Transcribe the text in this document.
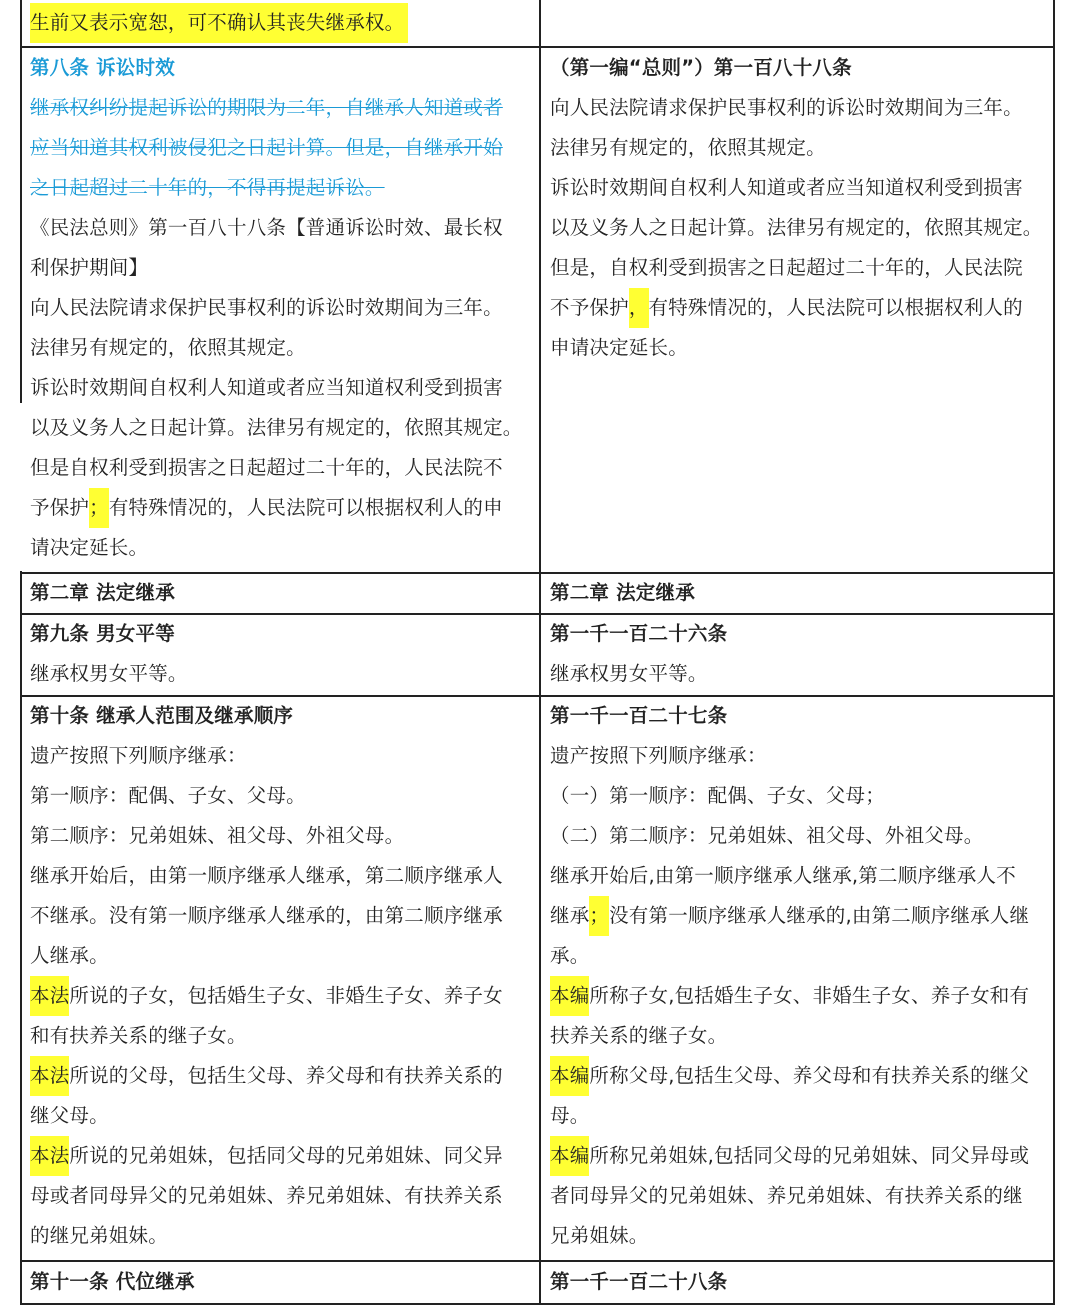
生前又表示宽恕，可不确认其丧失继承权。
第八条 诉讼时效
继承权纠纷提起诉讼的期限为二年，自继承人知道或者
应当知道其权利被侵犯之日起计算。但是，自继承开始
之日起超过二十年的，不得再提起诉讼。
《民法总则》第一百八十八条【普通诉讼时效、最长权
利保护期间】
向人民法院请求保护民事权利的诉讼时效期间为三年。
法律另有规定的，依照其规定。
诉讼时效期间自权利人知道或者应当知道权利受到损害
以及义务人之日起计算。法律另有规定的，依照其规定。
但是自权利受到损害之日起超过二十年的，人民法院不
予保护；有特殊情况的，人民法院可以根据权利人的申
请决定延长。
（第一编“总则”）第一百八十八条
向人民法院请求保护民事权利的诉讼时效期间为三年。
法律另有规定的，依照其规定。
诉讼时效期间自权利人知道或者应当知道权利受到损害
以及义务人之日起计算。法律另有规定的，依照其规定。
但是，自权利受到损害之日起超过二十年的，人民法院
不予保护，有特殊情况的，人民法院可以根据权利人的
申请决定延长。
第二章 法定继承	第二章 法定继承
第九条 男女平等
继承权男女平等。
第一千一百二十六条
继承权男女平等。
第十条 继承人范围及继承顺序
遗产按照下列顺序继承：
第一顺序：配偶、子女、父母。
第二顺序：兄弟姐妹、祖父母、外祖父母。
继承开始后，由第一顺序继承人继承，第二顺序继承人
不继承。没有第一顺序继承人继承的，由第二顺序继承
人继承。
本法所说的子女，包括婚生子女、非婚生子女、养子女
和有扶养关系的继子女。
本法所说的父母，包括生父母、养父母和有扶养关系的
继父母。
本法所说的兄弟姐妹，包括同父母的兄弟姐妹、同父异
母或者同母异父的兄弟姐妹、养兄弟姐妹、有扶养关系
的继兄弟姐妹。
第一千一百二十七条
遗产按照下列顺序继承：
（一）第一顺序：配偶、子女、父母；
（二）第二顺序：兄弟姐妹、祖父母、外祖父母。
继承开始后,由第一顺序继承人继承,第二顺序继承人不
继承；没有第一顺序继承人继承的,由第二顺序继承人继
承。
本编所称子女,包括婚生子女、非婚生子女、养子女和有
扶养关系的继子女。
本编所称父母,包括生父母、养父母和有扶养关系的继父
母。
本编所称兄弟姐妹,包括同父母的兄弟姐妹、同父异母或
者同母异父的兄弟姐妹、养兄弟姐妹、有扶养关系的继
兄弟姐妹。
第十一条 代位继承	第一千一百二十八条
